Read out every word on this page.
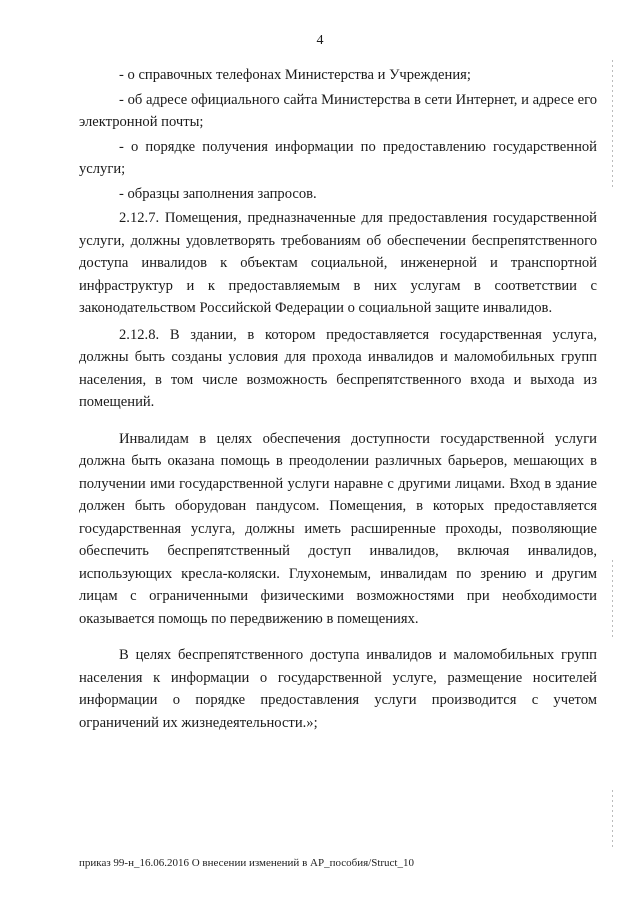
4

- о справочных телефонах Министерства и Учреждения;

- об адресе официального сайта Министерства в сети Интернет, и адресе его электронной почты;

- о порядке получения информации по предоставлению государственной услуги;

- образцы заполнения запросов.

2.12.7. Помещения, предназначенные для предоставления государственной услуги, должны удовлетворять требованиям об обеспечении беспрепятственного доступа инвалидов к объектам социальной, инженерной и транспортной инфраструктур и к предоставляемым в них услугам в соответствии с законодательством Российской Федерации о социальной защите инвалидов.

2.12.8. В здании, в котором предоставляется государственная услуга, должны быть созданы условия для прохода инвалидов и маломобильных групп населения, в том числе возможность беспрепятственного входа и выхода из помещений.

Инвалидам в целях обеспечения доступности государственной услуги должна быть оказана помощь в преодолении различных барьеров, мешающих в получении ими государственной услуги наравне с другими лицами. Вход в здание должен быть оборудован пандусом. Помещения, в которых предоставляется государственная услуга, должны иметь расширенные проходы, позволяющие обеспечить беспрепятственный доступ инвалидов, включая инвалидов, использующих кресла-коляски. Глухонемым, инвалидам по зрению и другим лицам с ограниченными физическими возможностями при необходимости оказывается помощь по передвижению в помещениях.

В целях беспрепятственного доступа инвалидов и маломобильных групп населения к информации о государственной услуге, размещение носителей информации о порядке предоставления услуги производится с учетом ограничений их жизнедеятельности.»;

приказ 99-н_16.06.2016 О внесении изменений в АР_пособия/Struct_10
